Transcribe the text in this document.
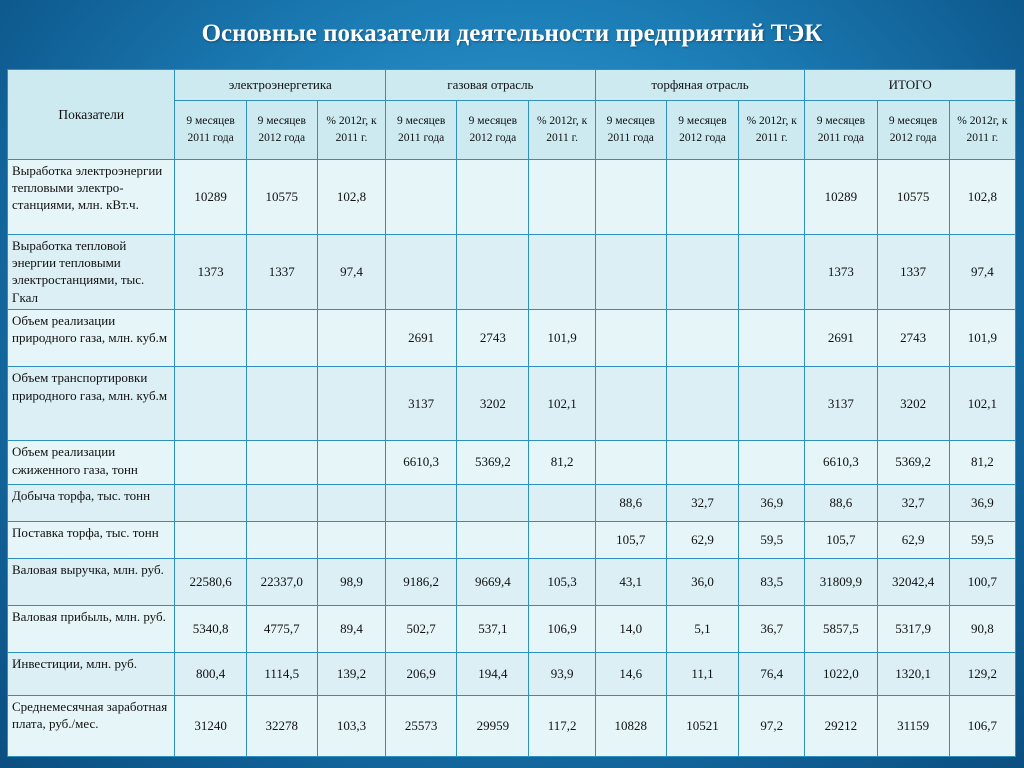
Основные показатели деятельности предприятий ТЭК
Показатели	электроэнергетика			газовая отрасль			торфяная отрасль			ИТОГО		
	9 месяцев 2011 года	9 месяцев 2012 года	% 2012г, к 2011 г.	9 месяцев 2011 года	9 месяцев 2012 года	% 2012г, к 2011 г.	9 месяцев 2011 года	9 месяцев 2012 года	% 2012г, к 2011 г.	9 месяцев 2011 года	9 месяцев 2012 года	% 2012г, к 2011 г.
Выработка электроэнергии тепловыми электро-станциями, млн. кВт.ч.	10289	10575	102,8							10289	10575	102,8
Выработка тепловой энергии тепловыми электростанциями, тыс. Гкал	1373	1337	97,4							1373	1337	97,4
Объем реализации природного газа, млн. куб.м				2691	2743	101,9				2691	2743	101,9
Объем транспортировки природного газа, млн. куб.м				3137	3202	102,1				3137	3202	102,1
Объем реализации сжиженного газа, тонн				6610,3	5369,2	81,2				6610,3	5369,2	81,2
Добыча торфа, тыс. тонн							88,6	32,7	36,9	88,6	32,7	36,9
Поставка торфа, тыс. тонн							105,7	62,9	59,5	105,7	62,9	59,5
Валовая выручка, млн. руб.	22580,6	22337,0	98,9	9186,2	9669,4	105,3	43,1	36,0	83,5	31809,9	32042,4	100,7
Валовая прибыль, млн. руб.	5340,8	4775,7	89,4	502,7	537,1	106,9	14,0	5,1	36,7	5857,5	5317,9	90,8
Инвестиции, млн. руб.	800,4	1114,5	139,2	206,9	194,4	93,9	14,6	11,1	76,4	1022,0	1320,1	129,2
Среднемесячная заработная плата, руб./мес.	31240	32278	103,3	25573	29959	117,2	10828	10521	97,2	29212	31159	106,7
